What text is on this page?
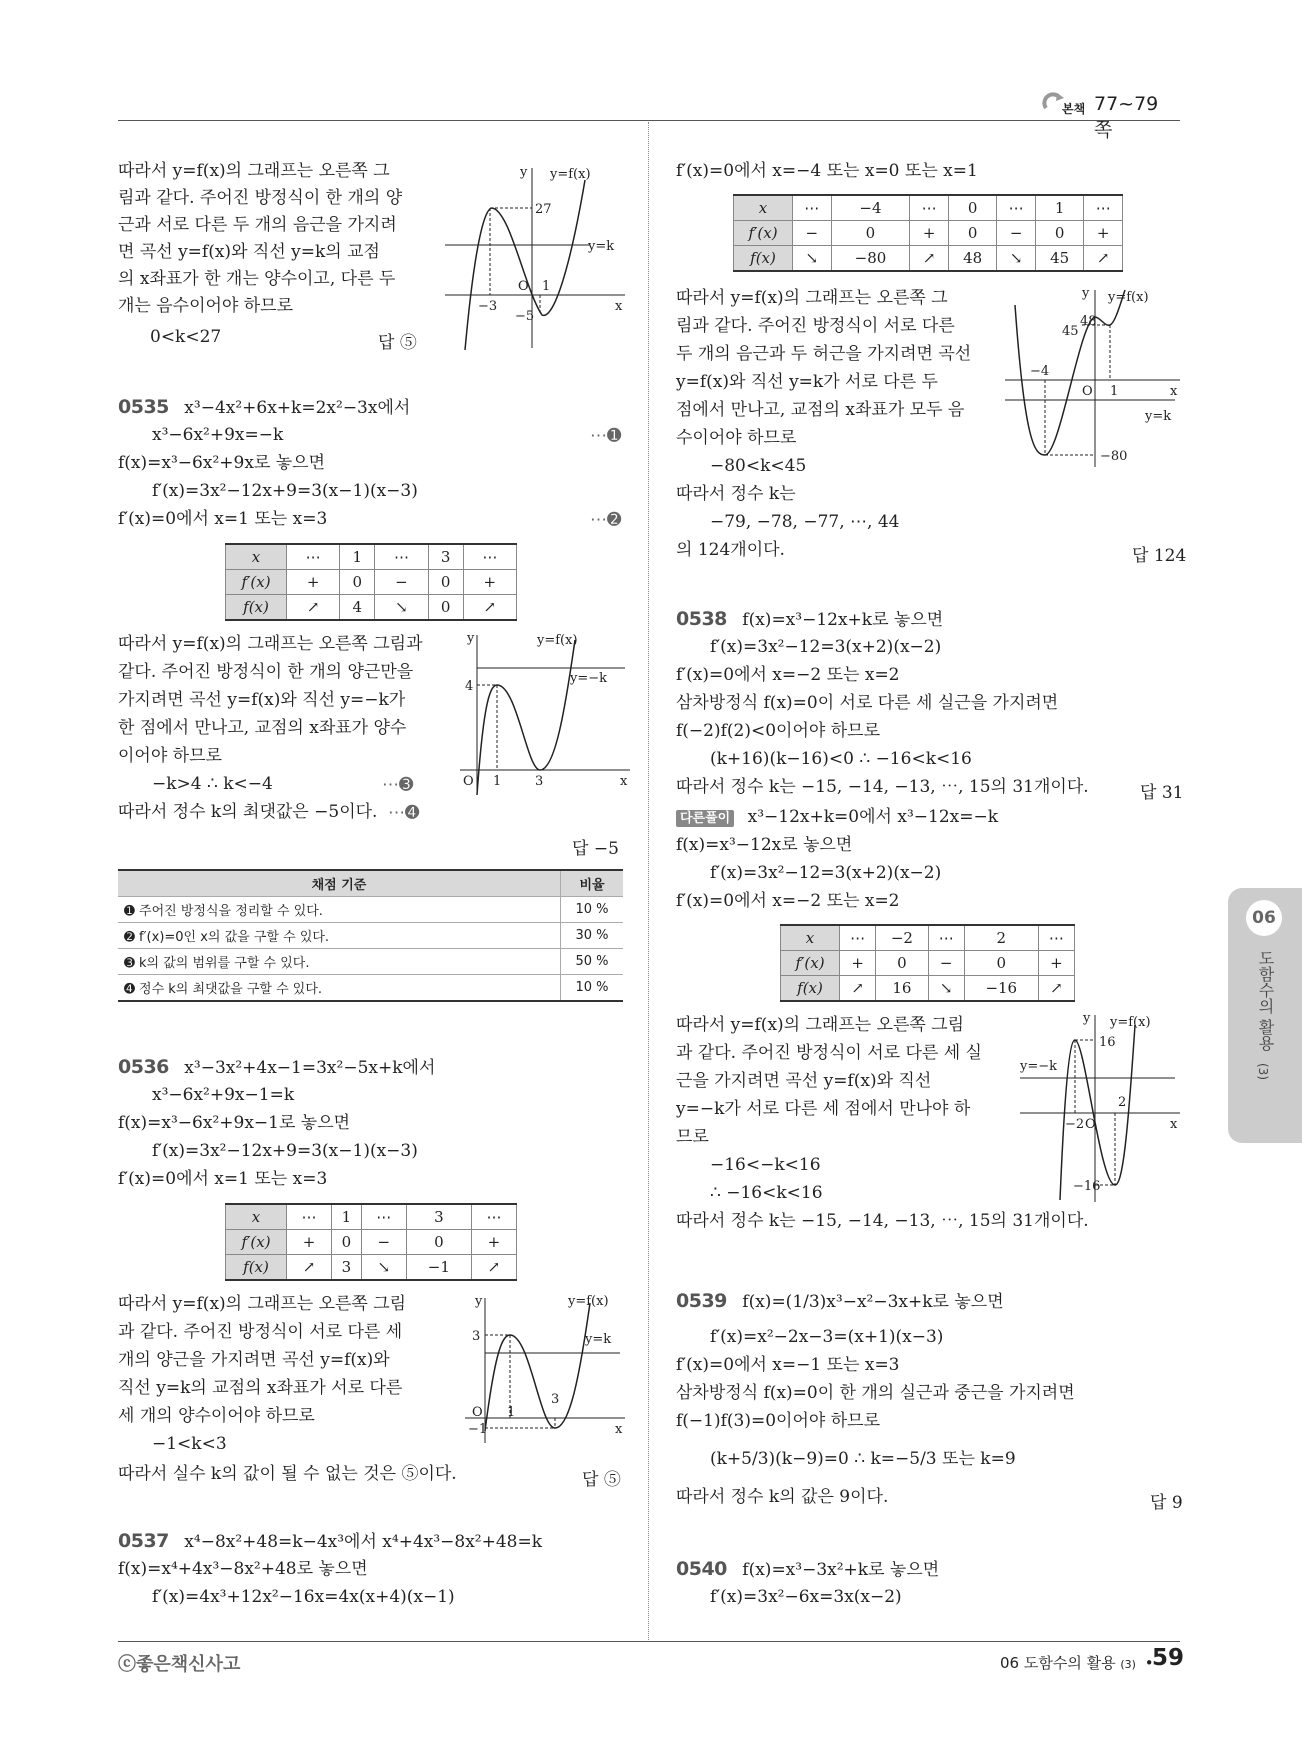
본책 77~79쪽
따라서 y=f(x)의 그래프는 오른쪽 그
림과 같다. 주어진 방정식이 한 개의 양
근과 서로 다른 두 개의 음근을 가지려
면 곡선 y=f(x)와 직선 y=k의 교점
의 x좌표가 한 개는 양수이고, 다른 두
개는 음수이어야 하므로
0<k<27	답 ⑤
y
x
y=f(x)
y=k
27
−3
−5
O 1
0535 x³−4x²+6x+k=2x²−3x에서
x³−6x²+9x=−k	⋯➊
f(x)=x³−6x²+9x로 놓으면
f′(x)=3x²−12x+9=3(x−1)(x−3)
f′(x)=0에서 x=1 또는 x=3	⋯➋
x	⋯	1	⋯	3	⋯
f′(x)	+	0	−	0	+
f(x)	↗	4	↘	0	↗
따라서 y=f(x)의 그래프는 오른쪽 그림과
같다. 주어진 방정식이 한 개의 양근만을
가지려면 곡선 y=f(x)와 직선 y=−k가
한 점에서 만나고, 교점의 x좌표가 양수
이어야 하므로
−k>4 ∴ k<−4	⋯➌
따라서 정수 k의 최댓값은 −5이다. ⋯➍
답 −5
y
x
y=f(x)
y=−k
4
O 1	3
채점 기준	비율
➊ 주어진 방정식을 정리할 수 있다.	10 %
➋ f′(x)=0인 x의 값을 구할 수 있다.	30 %
➌ k의 값의 범위를 구할 수 있다.	50 %
➍ 정수 k의 최댓값을 구할 수 있다.	10 %
0536 x³−3x²+4x−1=3x²−5x+k에서
x³−6x²+9x−1=k
f(x)=x³−6x²+9x−1로 놓으면
f′(x)=3x²−12x+9=3(x−1)(x−3)
f′(x)=0에서 x=1 또는 x=3
x	⋯	1	⋯	3	⋯
f′(x)	+	0	−	0	+
f(x)	↗	3	↘	−1	↗
따라서 y=f(x)의 그래프는 오른쪽 그림
과 같다. 주어진 방정식이 서로 다른 세
개의 양근을 가지려면 곡선 y=f(x)와
직선 y=k의 교점의 x좌표가 서로 다른
세 개의 양수이어야 하므로
−1<k<3
따라서 실수 k의 값이 될 수 없는 것은 ⑤이다.	답 ⑤
y
x
y=f(x)
y=k
3
O 1
3
−1
0537 x⁴−8x²+48=k−4x³에서 x⁴+4x³−8x²+48=k
f(x)=x⁴+4x³−8x²+48로 놓으면
f′(x)=4x³+12x²−16x=4x(x+4)(x−1)
f′(x)=0에서 x=−4 또는 x=0 또는 x=1
x	⋯	−4	⋯	0	⋯	1	⋯
f′(x)	−	0	+	0	−	0	+
f(x)	↘	−80	↗	48	↘	45	↗
따라서 y=f(x)의 그래프는 오른쪽 그
림과 같다. 주어진 방정식이 서로 다른
두 개의 음근과 두 허근을 가지려면 곡선
y=f(x)와 직선 y=k가 서로 다른 두
점에서 만나고, 교점의 x좌표가 모두 음
수이어야 하므로
−80<k<45
따라서 정수 k는
−79, −78, −77, ⋯, 44
의 124개이다.	답 124
y
x
y=f(x)
y=k
45
48
−4
O 1
−80
0538 f(x)=x³−12x+k로 놓으면
f′(x)=3x²−12=3(x+2)(x−2)
f′(x)=0에서 x=−2 또는 x=2
삼차방정식 f(x)=0이 서로 다른 세 실근을 가지려면
f(−2)f(2)<0이어야 하므로
(k+16)(k−16)<0 ∴ −16<k<16
따라서 정수 k는 −15, −14, −13, ⋯, 15의 31개이다.	답 31
다른풀이 x³−12x+k=0에서 x³−12x=−k
f(x)=x³−12x로 놓으면
f′(x)=3x²−12=3(x+2)(x−2)
f′(x)=0에서 x=−2 또는 x=2
x	⋯	−2	⋯	2	⋯
f′(x)	+	0	−	0	+
f(x)	↗	16	↘	−16	↗
따라서 y=f(x)의 그래프는 오른쪽 그림
과 같다. 주어진 방정식이 서로 다른 세 실
근을 가지려면 곡선 y=f(x)와 직선
y=−k가 서로 다른 세 점에서 만나야 하
므로
−16<−k<16
∴ −16<k<16
따라서 정수 k는 −15, −14, −13, ⋯, 15의 31개이다.
y
x
y=f(x)
y=−k
16
2
−2 O
−16
0539 f(x)=(1/3)x³−x²−3x+k로 놓으면
f′(x)=x²−2x−3=(x+1)(x−3)
f′(x)=0에서 x=−1 또는 x=3
삼차방정식 f(x)=0이 한 개의 실근과 중근을 가지려면
f(−1)f(3)=0이어야 하므로
(k+5/3)(k−9)=0 ∴ k=−5/3 또는 k=9
따라서 정수 k의 값은 9이다.	답 9
0540 f(x)=x³−3x²+k로 놓으면
f′(x)=3x²−6x=3x(x−2)
06
도함수의 활용
(3)
ⓒ좋은책신사고	06 도함수의 활용 (3) •
59
